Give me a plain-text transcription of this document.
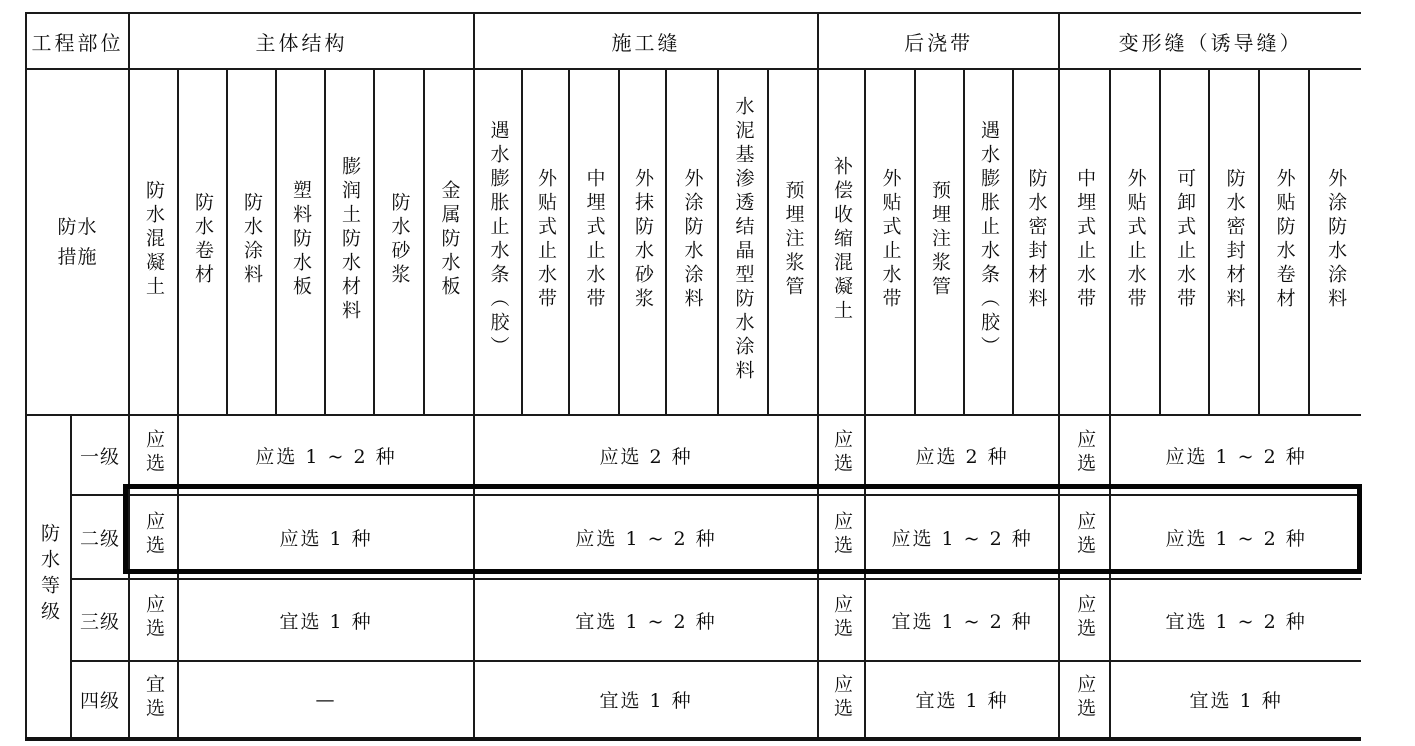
工程部位		主体结构							施工缝							后浇带					变形缝（诱导缝）					
防水措施		防水混凝土	防水卷材	防水涂料	塑料防水板	膨润土防水材料	防水砂浆	金属防水板	遇水膨胀止水条（胶）	外贴式止水带	中埋式止水带	外抹防水砂浆	外涂防水涂料	水泥基渗透结晶型防水涂料	预埋注浆管	补偿收缩混凝土	外贴式止水带	预埋注浆管	遇水膨胀止水条（胶）	防水密封材料	中埋式止水带	外贴式止水带	可卸式止水带	防水密封材料	外贴防水卷材	外涂防水涂料
防水等级	一级	应选	应选 1 ~ 2 种						应选 2 种							应选	应选 2 种				应选	应选 1 ~ 2 种				
	二级	应选	应选 1 种						应选 1 ~ 2 种							应选	应选 1 ~ 2 种				应选	应选 1 ~ 2 种				
	三级	应选	宜选 1 种						宜选 1 ~ 2 种							应选	宜选 1 ~ 2 种				应选	宜选 1 ~ 2 种				
	四级	宜选	—						宜选 1 种							应选	宜选 1 种				应选	宜选 1 种				
